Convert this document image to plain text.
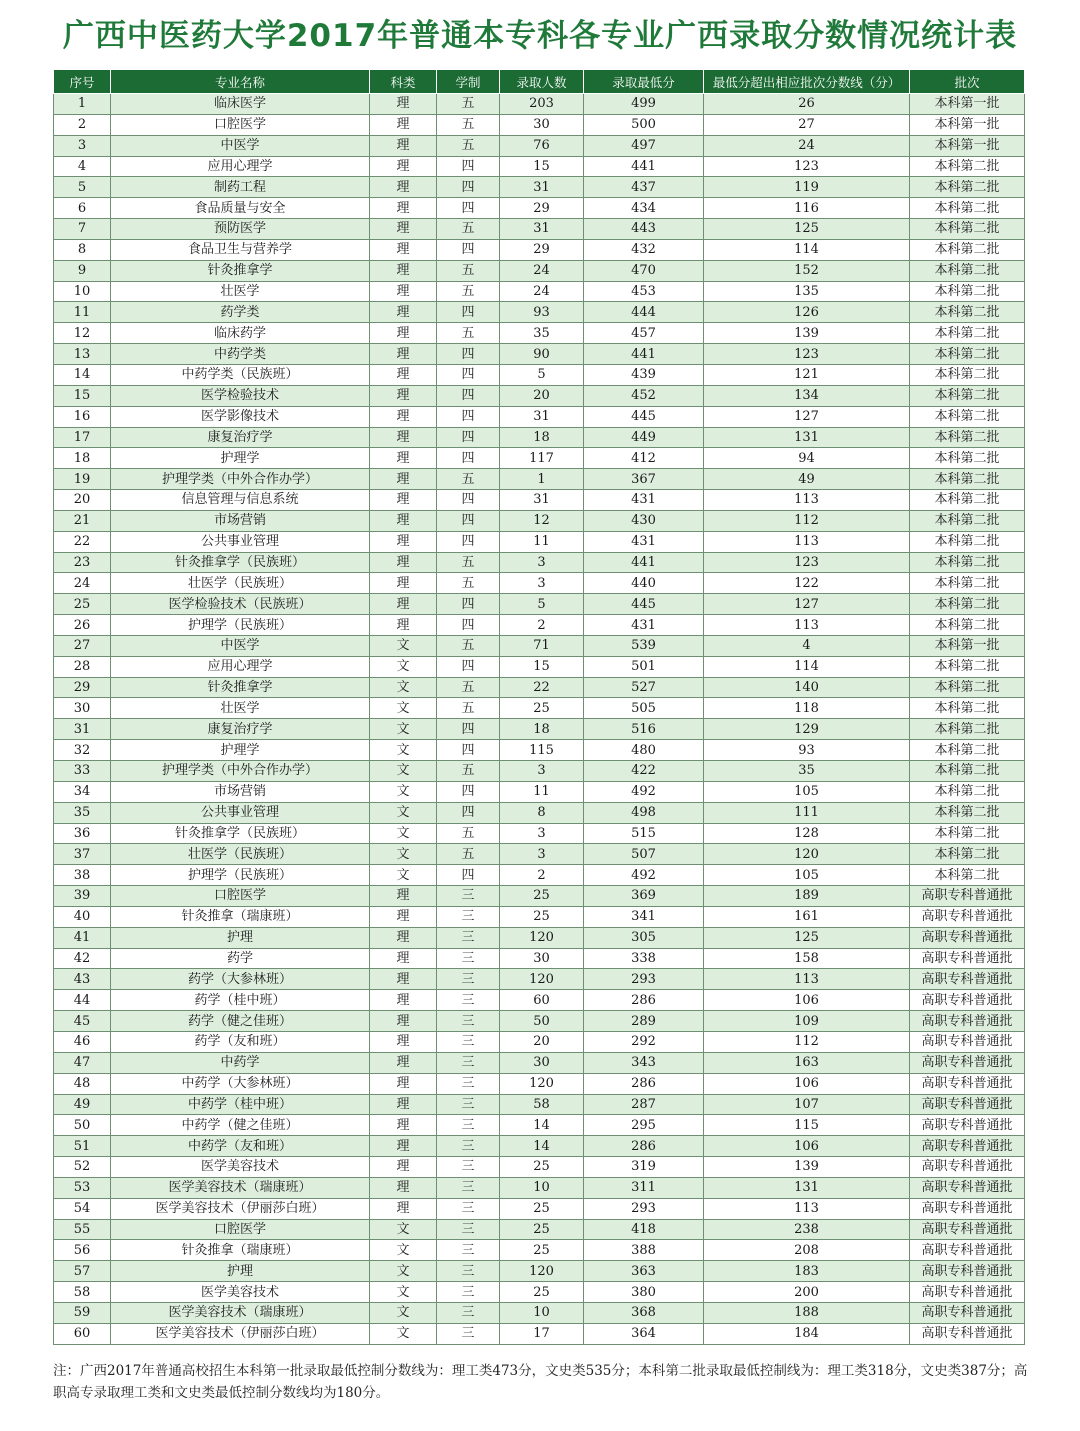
广西中医药大学2017年普通本专科各专业广西录取分数情况统计表
序号	专业名称	科类	学制	录取人数	录取最低分	最低分超出相应批次分数线（分）	批次
1	临床医学	理	五	203	499	26	本科第一批
2	口腔医学	理	五	30	500	27	本科第一批
3	中医学	理	五	76	497	24	本科第一批
4	应用心理学	理	四	15	441	123	本科第二批
5	制药工程	理	四	31	437	119	本科第二批
6	食品质量与安全	理	四	29	434	116	本科第二批
7	预防医学	理	五	31	443	125	本科第二批
8	食品卫生与营养学	理	四	29	432	114	本科第二批
9	针灸推拿学	理	五	24	470	152	本科第二批
10	壮医学	理	五	24	453	135	本科第二批
11	药学类	理	四	93	444	126	本科第二批
12	临床药学	理	五	35	457	139	本科第二批
13	中药学类	理	四	90	441	123	本科第二批
14	中药学类（民族班）	理	四	5	439	121	本科第二批
15	医学检验技术	理	四	20	452	134	本科第二批
16	医学影像技术	理	四	31	445	127	本科第二批
17	康复治疗学	理	四	18	449	131	本科第二批
18	护理学	理	四	117	412	94	本科第二批
19	护理学类（中外合作办学）	理	五	1	367	49	本科第二批
20	信息管理与信息系统	理	四	31	431	113	本科第二批
21	市场营销	理	四	12	430	112	本科第二批
22	公共事业管理	理	四	11	431	113	本科第二批
23	针灸推拿学（民族班）	理	五	3	441	123	本科第二批
24	壮医学（民族班）	理	五	3	440	122	本科第二批
25	医学检验技术（民族班）	理	四	5	445	127	本科第二批
26	护理学（民族班）	理	四	2	431	113	本科第二批
27	中医学	文	五	71	539	4	本科第一批
28	应用心理学	文	四	15	501	114	本科第二批
29	针灸推拿学	文	五	22	527	140	本科第二批
30	壮医学	文	五	25	505	118	本科第二批
31	康复治疗学	文	四	18	516	129	本科第二批
32	护理学	文	四	115	480	93	本科第二批
33	护理学类（中外合作办学）	文	五	3	422	35	本科第二批
34	市场营销	文	四	11	492	105	本科第二批
35	公共事业管理	文	四	8	498	111	本科第二批
36	针灸推拿学（民族班）	文	五	3	515	128	本科第二批
37	壮医学（民族班）	文	五	3	507	120	本科第二批
38	护理学（民族班）	文	四	2	492	105	本科第二批
39	口腔医学	理	三	25	369	189	高职专科普通批
40	针灸推拿（瑞康班）	理	三	25	341	161	高职专科普通批
41	护理	理	三	120	305	125	高职专科普通批
42	药学	理	三	30	338	158	高职专科普通批
43	药学（大参林班）	理	三	120	293	113	高职专科普通批
44	药学（桂中班）	理	三	60	286	106	高职专科普通批
45	药学（健之佳班）	理	三	50	289	109	高职专科普通批
46	药学（友和班）	理	三	20	292	112	高职专科普通批
47	中药学	理	三	30	343	163	高职专科普通批
48	中药学（大参林班）	理	三	120	286	106	高职专科普通批
49	中药学（桂中班）	理	三	58	287	107	高职专科普通批
50	中药学（健之佳班）	理	三	14	295	115	高职专科普通批
51	中药学（友和班）	理	三	14	286	106	高职专科普通批
52	医学美容技术	理	三	25	319	139	高职专科普通批
53	医学美容技术（瑞康班）	理	三	10	311	131	高职专科普通批
54	医学美容技术（伊丽莎白班）	理	三	25	293	113	高职专科普通批
55	口腔医学	文	三	25	418	238	高职专科普通批
56	针灸推拿（瑞康班）	文	三	25	388	208	高职专科普通批
57	护理	文	三	120	363	183	高职专科普通批
58	医学美容技术	文	三	25	380	200	高职专科普通批
59	医学美容技术（瑞康班）	文	三	10	368	188	高职专科普通批
60	医学美容技术（伊丽莎白班）	文	三	17	364	184	高职专科普通批
注：广西2017年普通高校招生本科第一批录取最低控制分数线为：理工类473分，文史类535分；本科第二批录取最低控制线为：理工类318分，文史类387分；高职高专录取理工类和文史类最低控制分数线均为180分。
